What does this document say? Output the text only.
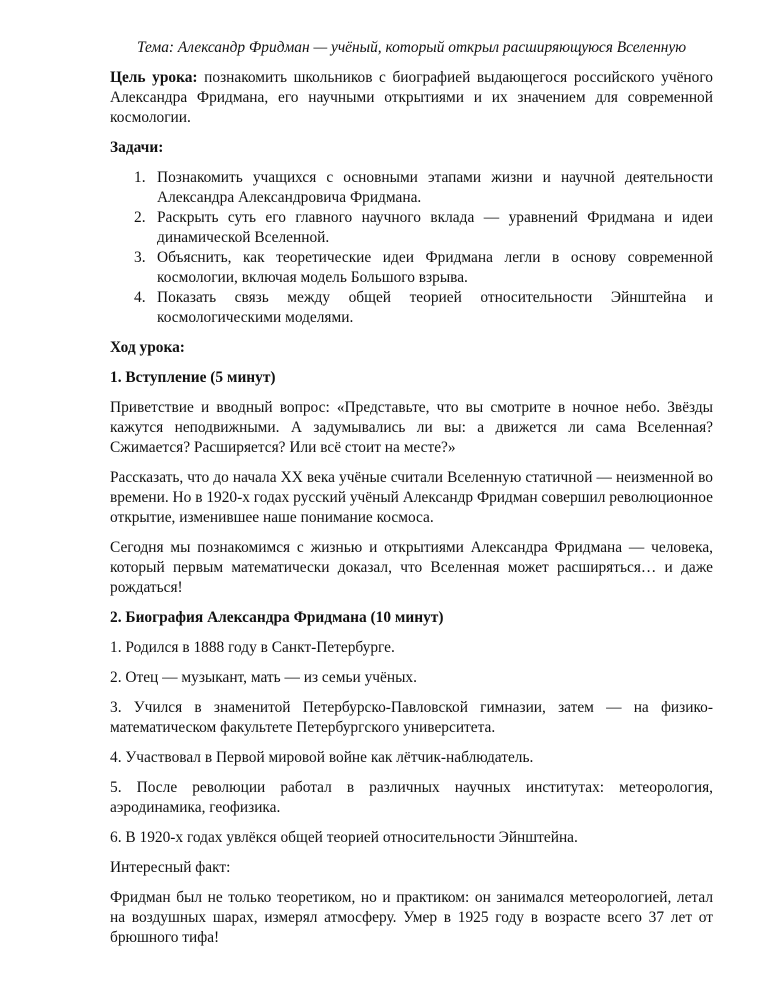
Тема: Александр Фридман — учёный, который открыл расширяющуюся Вселенную

Цель урока: познакомить школьников с биографией выдающегося российского учёного Александра Фридмана, его научными открытиями и их значением для современной космологии.

Задачи:

1. Познакомить учащихся с основными этапами жизни и научной деятельности Александра Александровича Фридмана.
2. Раскрыть суть его главного научного вклада — уравнений Фридмана и идеи динамической Вселенной.
3. Объяснить, как теоретические идеи Фридмана легли в основу современной космологии, включая модель Большого взрыва.
4. Показать связь между общей теорией относительности Эйнштейна и космологическими моделями.

Ход урока:

1. Вступление (5 минут)

Приветствие и вводный вопрос: «Представьте, что вы смотрите в ночное небо. Звёзды кажутся неподвижными. А задумывались ли вы: а движется ли сама Вселенная? Сжимается? Расширяется? Или всё стоит на месте?»

Рассказать, что до начала XX века учёные считали Вселенную статичной — неизменной во времени. Но в 1920-х годах русский учёный Александр Фридман совершил революционное открытие, изменившее наше понимание космоса.

Сегодня мы познакомимся с жизнью и открытиями Александра Фридмана — человека, который первым математически доказал, что Вселенная может расширяться… и даже рождаться!

2. Биография Александра Фридмана (10 минут)

1. Родился в 1888 году в Санкт-Петербурге.

2. Отец — музыкант, мать — из семьи учёных.

3. Учился в знаменитой Петербурско-Павловской гимназии, затем — на физико-математическом факультете Петербургского университета.

4. Участвовал в Первой мировой войне как лётчик-наблюдатель.

5. После революции работал в различных научных институтах: метеорология, аэродинамика, геофизика.

6. В 1920-х годах увлёкся общей теорией относительности Эйнштейна.

Интересный факт:

Фридман был не только теоретиком, но и практиком: он занимался метеорологией, летал на воздушных шарах, измерял атмосферу. Умер в 1925 году в возрасте всего 37 лет от брюшного тифа!
